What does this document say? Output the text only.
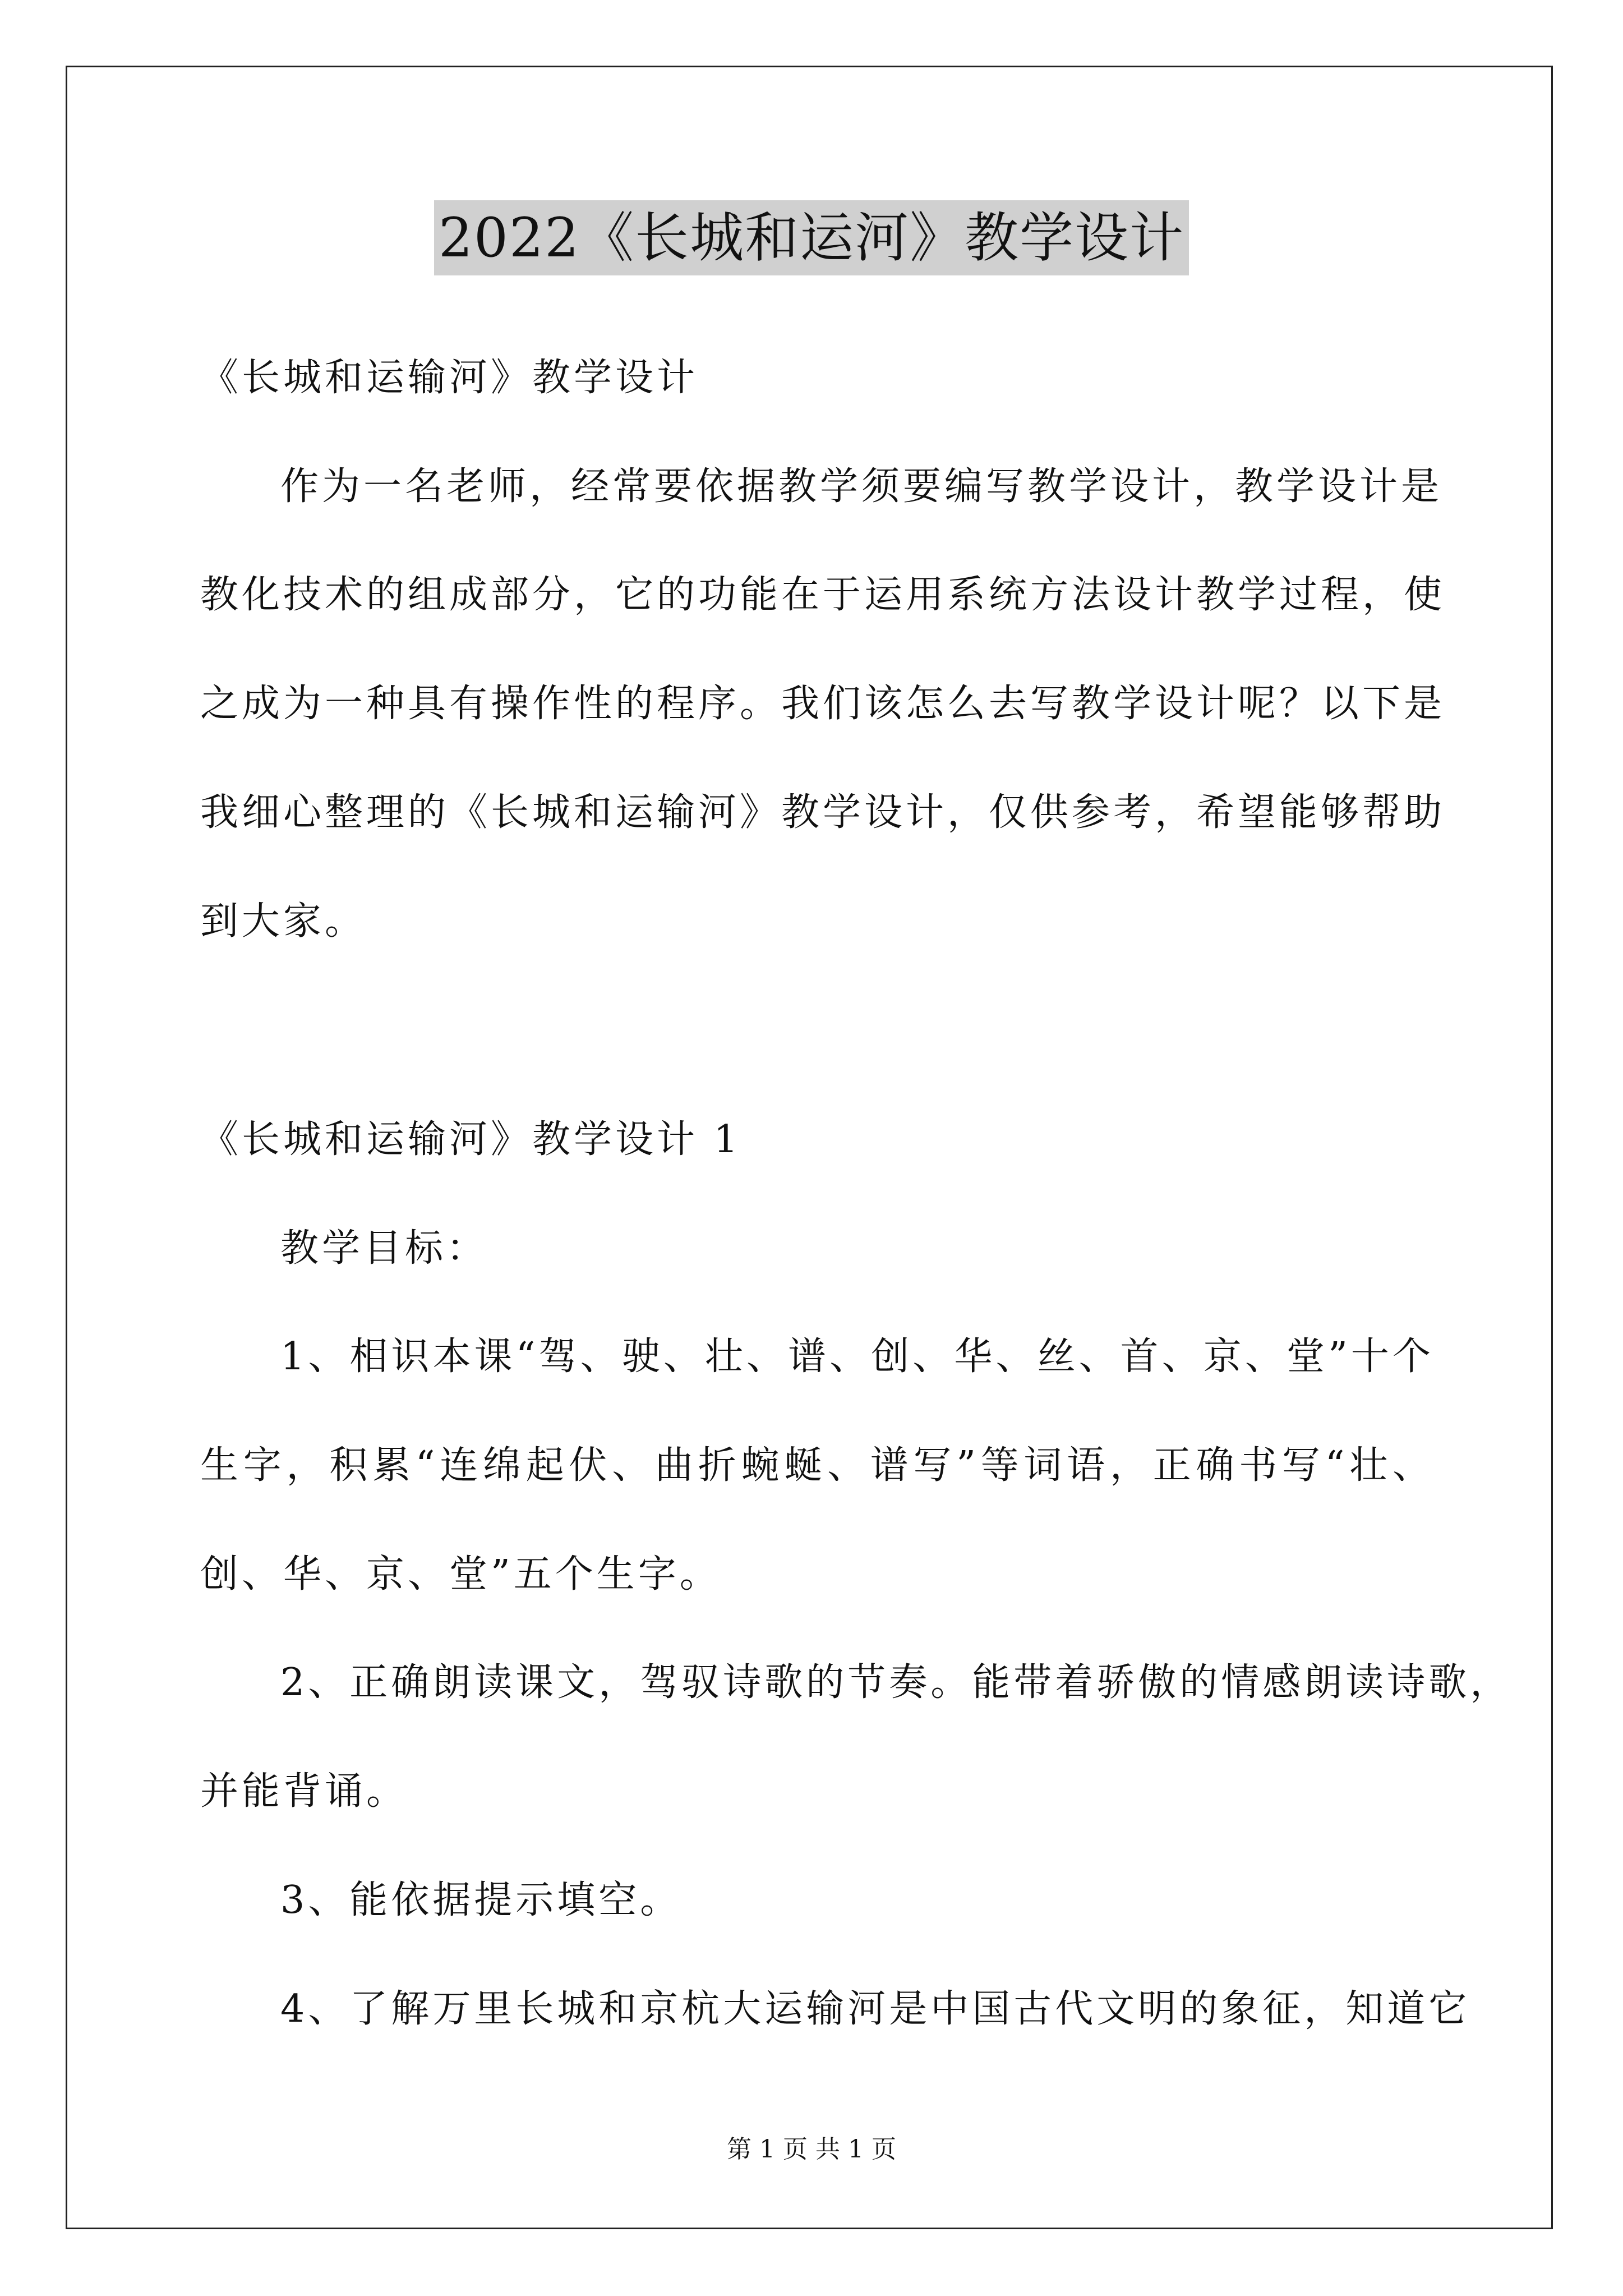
2022《长城和运河》教学设计
《长城和运输河》教学设计
作为一名老师，经常要依据教学须要编写教学设计，教学设计是
教化技术的组成部分，它的功能在于运用系统方法设计教学过程，使
之成为一种具有操作性的程序。我们该怎么去写教学设计呢？以下是
我细心整理的《长城和运输河》教学设计，仅供参考，希望能够帮助
到大家。
《长城和运输河》教学设计 1
教学目标：
1、相识本课“驾、驶、壮、谱、创、华、丝、首、京、堂”十个
生字，积累“连绵起伏、曲折蜿蜒、谱写”等词语，正确书写“壮、
创、华、京、堂”五个生字。
2、正确朗读课文，驾驭诗歌的节奏。能带着骄傲的情感朗读诗歌，
并能背诵。
3、能依据提示填空。
4、了解万里长城和京杭大运输河是中国古代文明的象征，知道它
第 1 页 共 1 页
